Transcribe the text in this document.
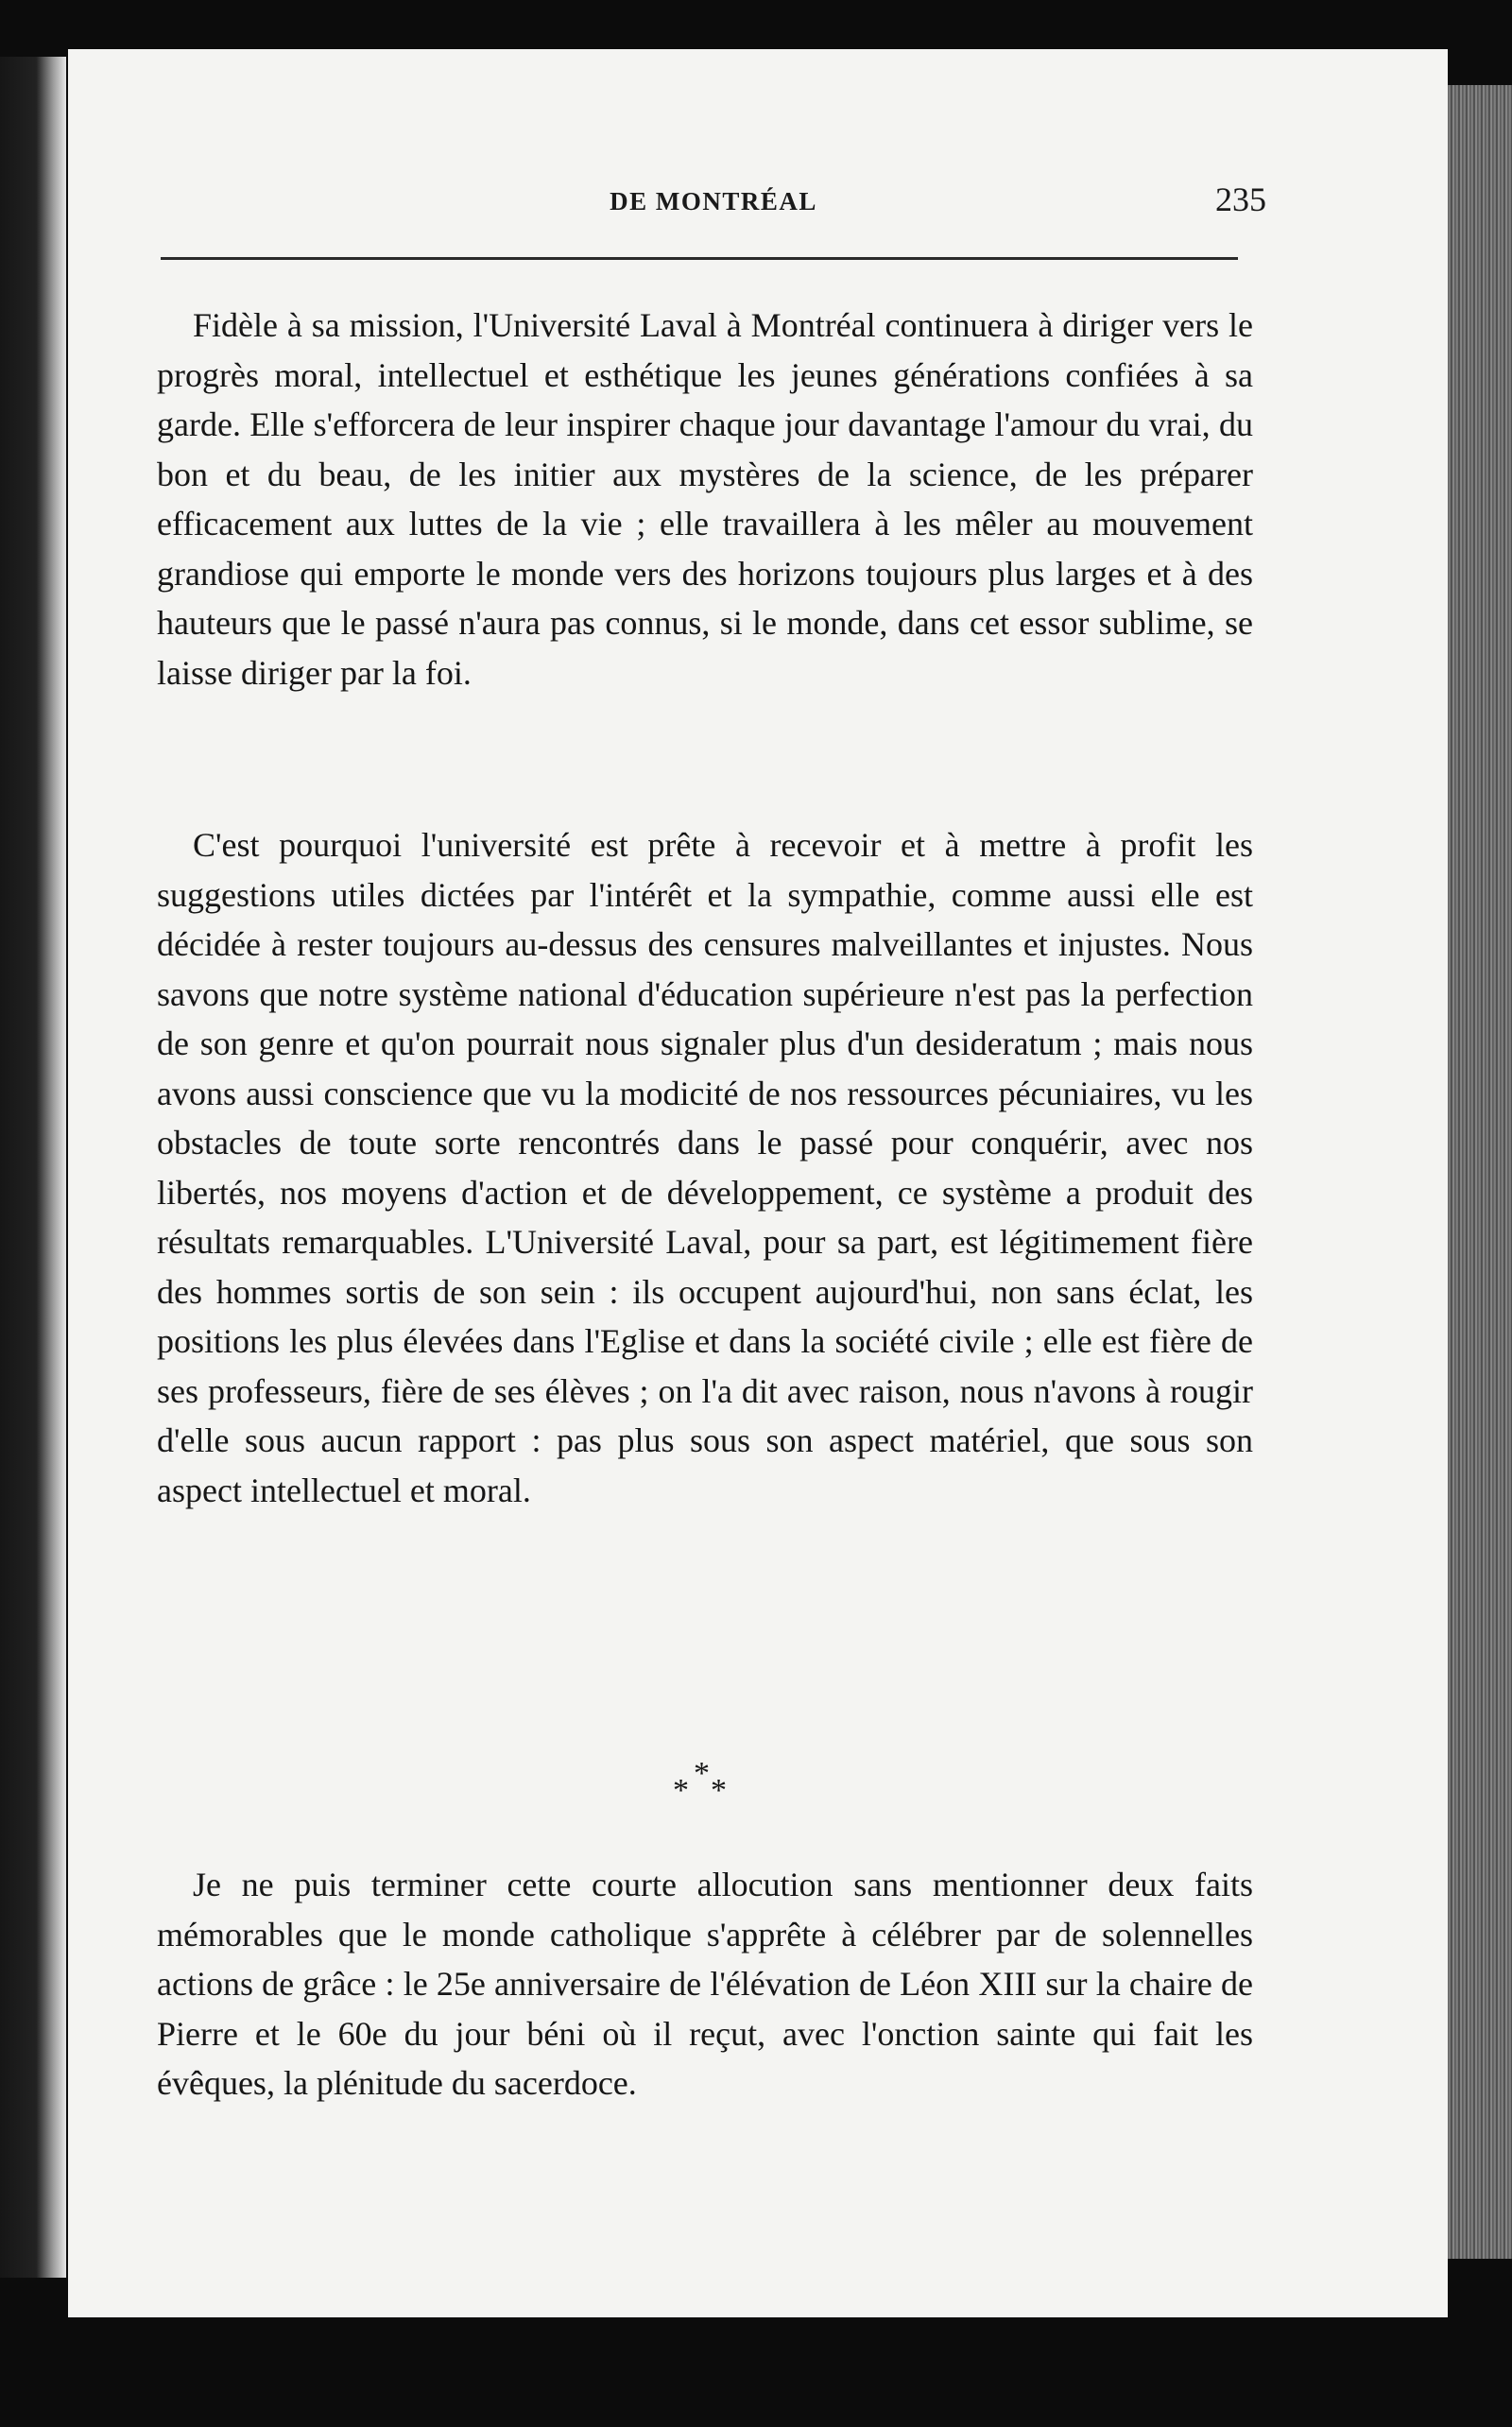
DE MONTRÉAL	235

Fidèle à sa mission, l'Université Laval à Montréal continuera à diriger vers le progrès moral, intellectuel et esthétique les jeunes générations confiées à sa garde. Elle s'efforcera de leur inspirer chaque jour davantage l'amour du vrai, du bon et du beau, de les initier aux mystères de la science, de les préparer efficacement aux luttes de la vie ; elle travaillera à les mêler au mouvement grandiose qui emporte le monde vers des horizons toujours plus larges et à des hauteurs que le passé n'aura pas connus, si le monde, dans cet essor sublime, se laisse diriger par la foi.

C'est pourquoi l'université est prête à recevoir et à mettre à profit les suggestions utiles dictées par l'intérêt et la sympathie, comme aussi elle est décidée à rester toujours au-dessus des censures malveillantes et injustes. Nous savons que notre système national d'éducation supérieure n'est pas la perfection de son genre et qu'on pourrait nous signaler plus d'un desideratum ; mais nous avons aussi conscience que vu la modicité de nos ressources pécuniaires, vu les obstacles de toute sorte rencontrés dans le passé pour conquérir, avec nos libertés, nos moyens d'action et de développement, ce système a produit des résultats remarquables. L'Université Laval, pour sa part, est légitimement fière des hommes sortis de son sein : ils occupent aujourd'hui, non sans éclat, les positions les plus élevées dans l'Eglise et dans la société civile ; elle est fière de ses professeurs, fière de ses élèves ; on l'a dit avec raison, nous n'avons à rougir d'elle sous aucun rapport : pas plus sous son aspect matériel, que sous son aspect intellectuel et moral.

*
* *

Je ne puis terminer cette courte allocution sans mentionner deux faits mémorables que le monde catholique s'apprête à célébrer par de solennelles actions de grâce : le 25e anniversaire de l'élévation de Léon XIII sur la chaire de Pierre et le 60e du jour béni où il reçut, avec l'onction sainte qui fait les évêques, la plénitude du sacerdoce.
